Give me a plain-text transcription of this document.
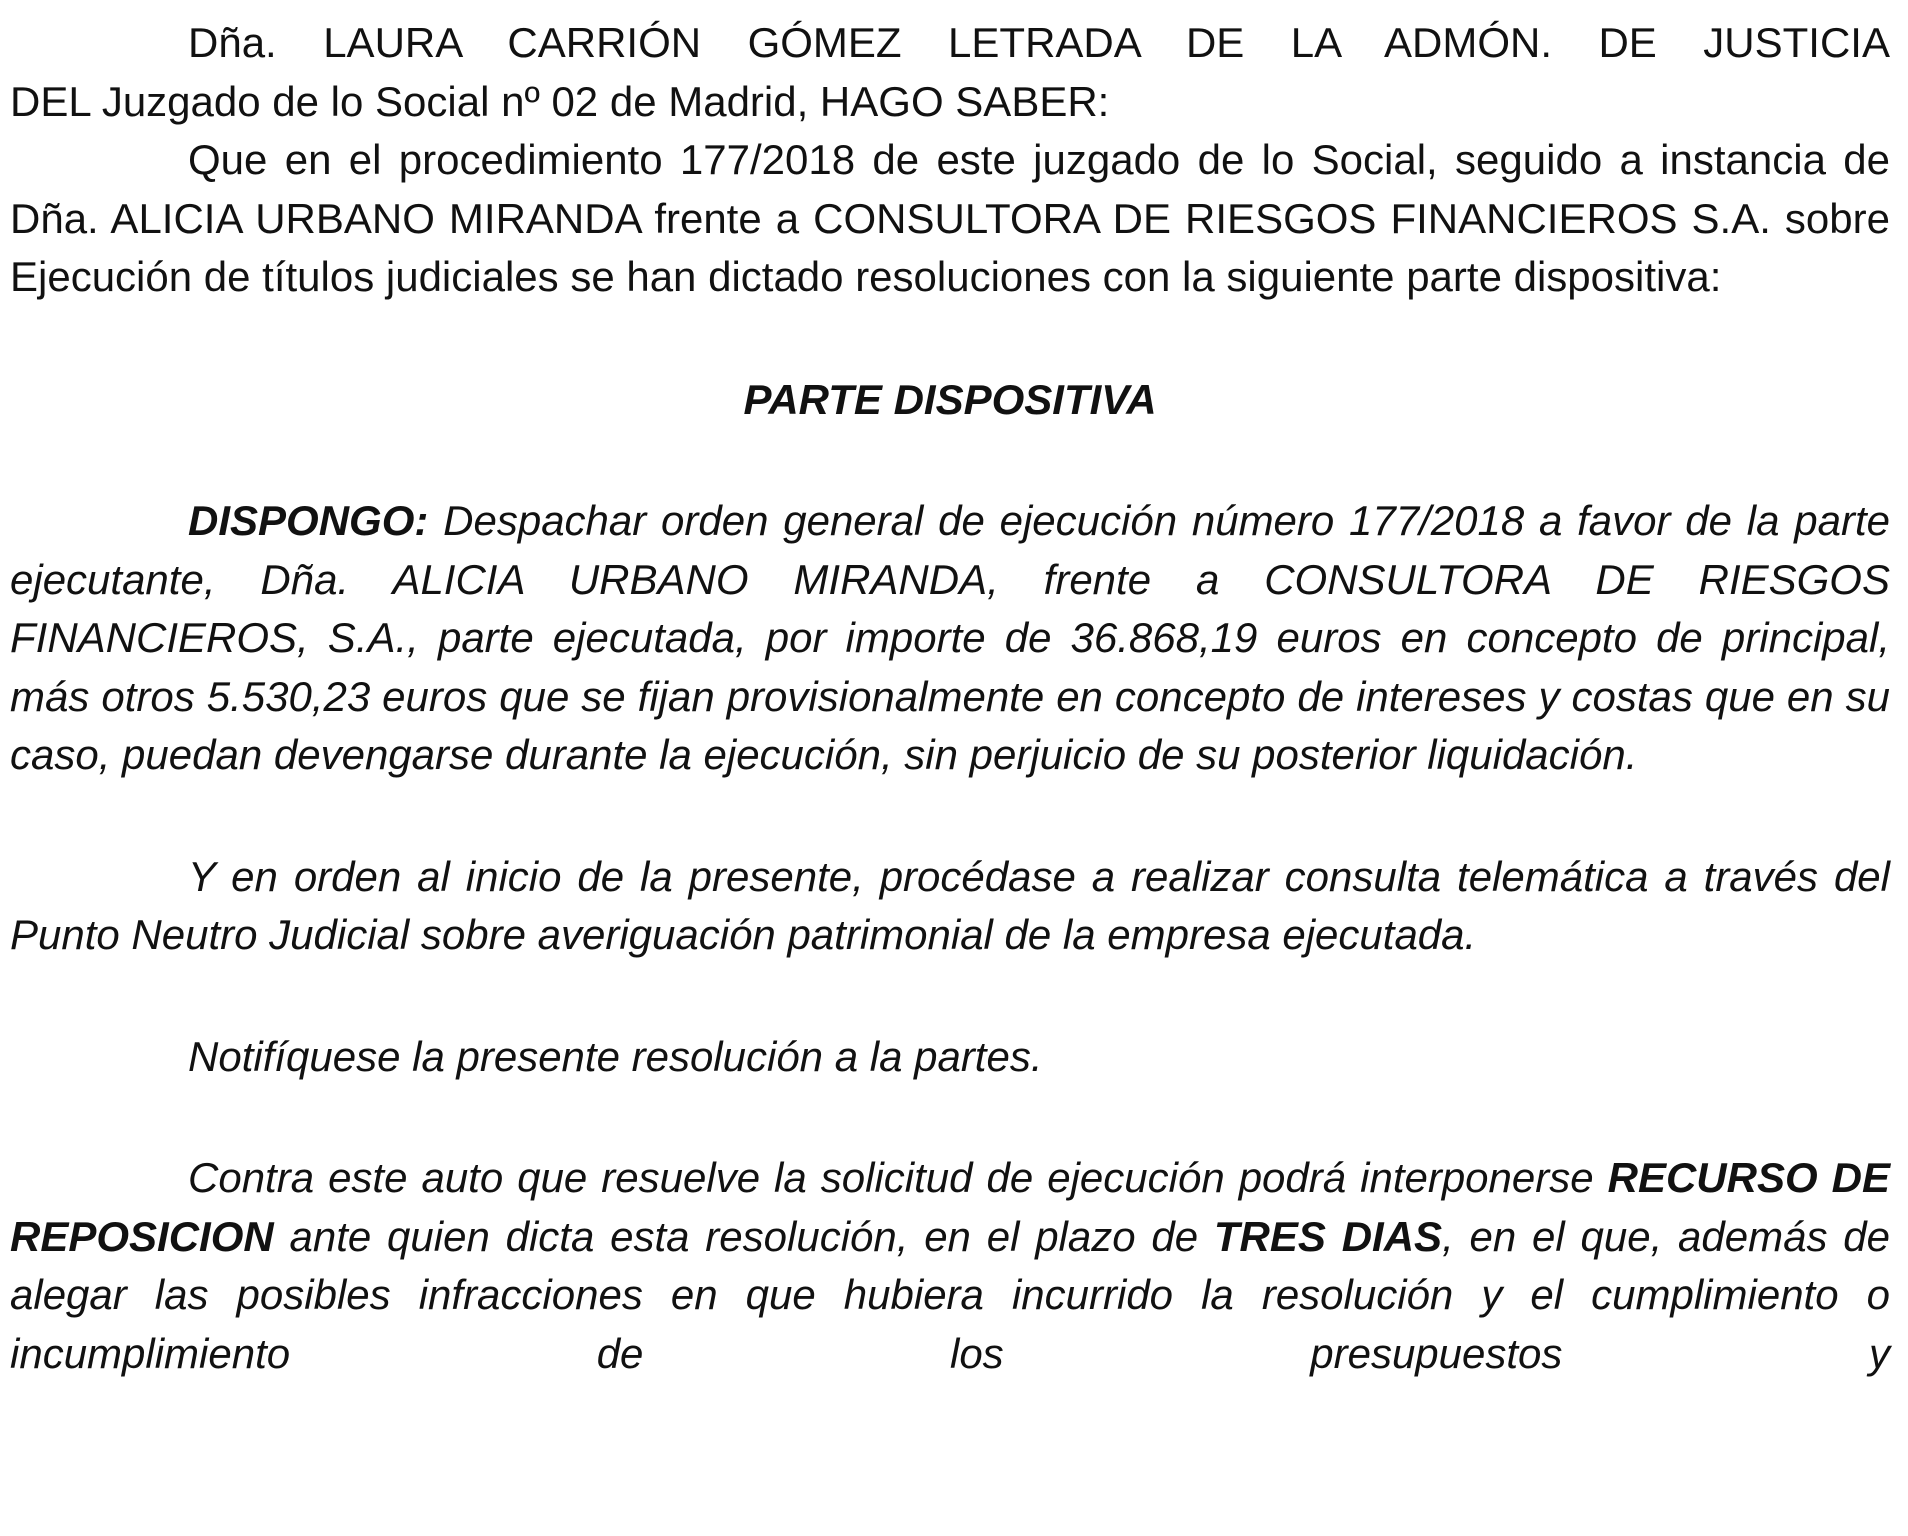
Dña. LAURA CARRIÓN GÓMEZ LETRADA DE LA ADMÓN. DE JUSTICIA

DEL Juzgado de lo Social nº 02 de Madrid, HAGO SABER:

Que en el procedimiento 177/2018 de este juzgado de lo Social, seguido a instancia de Dña. ALICIA URBANO MIRANDA frente a CONSULTORA DE RIESGOS FINANCIEROS S.A. sobre Ejecución de títulos judiciales se han dictado resoluciones con la siguiente parte dispositiva:

PARTE DISPOSITIVA

DISPONGO: Despachar orden general de ejecución número 177/2018 a favor de la parte ejecutante, Dña. ALICIA URBANO MIRANDA, frente a CONSULTORA DE RIESGOS FINANCIEROS, S.A., parte ejecutada, por importe de 36.868,19 euros en concepto de principal, más otros 5.530,23 euros que se fijan provisionalmente en concepto de intereses y costas que en su caso, puedan devengarse durante la ejecución, sin perjuicio de su posterior liquidación.

Y en orden al inicio de la presente, procédase a realizar consulta telemática a través del Punto Neutro Judicial sobre averiguación patrimonial de la empresa ejecutada.

Notifíquese la presente resolución a la partes.

Contra este auto que resuelve la solicitud de ejecución podrá interponerse RECURSO DE REPOSICION ante quien dicta esta resolución, en el plazo de TRES DIAS, en el que, además de alegar las posibles infracciones en que hubiera incurrido la resolución y el cumplimiento o incumplimiento de los presupuestos y
